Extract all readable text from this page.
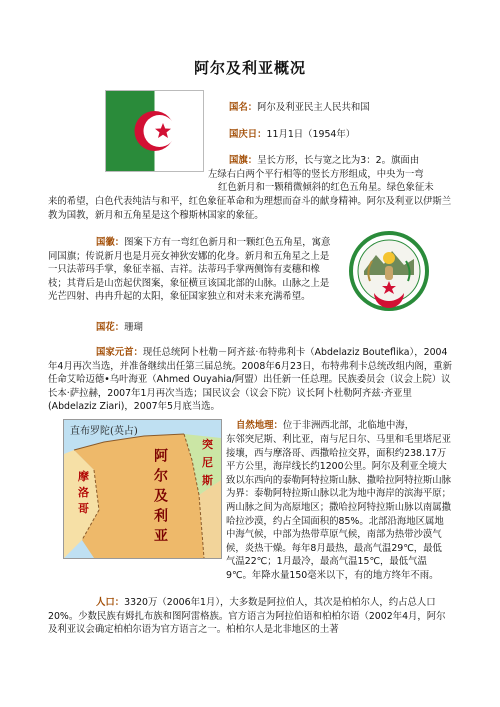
阿尔及利亚概况

国名：阿尔及利亚民主人民共和国

国庆日：11月1日（1954年）

国旗：呈长方形，长与宽之比为3：2。旗面由

左绿右白两个平行相等的竖长方形组成，中央为一弯

红色新月和一颗稍微倾斜的红色五角星。绿色象征未

来的希望，白色代表纯洁与和平，红色象征革命和为理想而奋斗的献身精神。阿尔及利亚以伊斯兰教为国教，新月和五角星是这个穆斯林国家的象征。

国徽：图案下方有一弯红色新月和一颗红色五角星，寓意同国旗；传说新月也是月亮女神狄安娜的化身。新月和五角星之上是一只法蒂玛手掌，象征幸福、吉祥。法蒂玛手掌两侧饰有麦穗和橡枝；其背后是山峦起伏图案，象征横亘该国北部的山脉。山脉之上是光芒四射、冉冉升起的太阳，象征国家独立和对未来充满希望。

国花：珊瑚

国家元首：现任总统阿卜杜勒－阿齐兹·布特弗利卡（Abdelaziz Bouteflika），2004年4月再次当选，并准备继续出任第三届总统。2008年6月23日，布特弗利卡总统改组内阁，重新任命艾哈迈德•乌叶海亚（Ahmed Ouyahia/阿盟）出任新一任总理。民族委员会（议会上院）议长本·萨拉赫，2007年1月再次当选；国民议会（议会下院）议长阿卜杜勒阿齐兹·齐亚里(Abdelaziz Ziari)，2007年5月底当选。

直布罗陀(英占)
突
尼
斯
摩
洛
哥	阿尔及利亚

自然地理：位于非洲西北部，北临地中海，

东邻突尼斯、利比亚，南与尼日尔、马里和毛里塔尼亚接壤，西与摩洛哥、西撒哈拉交界，面积约238.17万平方公里，海岸线长约1200公里。阿尔及利亚全境大致以东西向的泰勒阿特拉斯山脉、撒哈拉阿特拉斯山脉为界：泰勒阿特拉斯山脉以北为地中海岸的滨海平原；两山脉之间为高原地区；撒哈拉阿特拉斯山脉以南属撒哈拉沙漠，约占全国面积的85%。北部沿海地区属地中海气候，中部为热带草原气候，南部为热带沙漠气候，炎热干燥。每年8月最热，最高气温29℃，最低气温22℃；1月最冷，最高气温15℃，最低气温9℃。年降水量150毫米以下，有的地方终年不雨。

人口：3320万（2006年1月），大多数是阿拉伯人，其次是柏柏尔人，约占总人口20%。少数民族有姆扎布族和图阿雷格族。官方语言为阿拉伯语和柏柏尔语（2002年4月，阿尔及利亚议会确定柏柏尔语为官方语言之一。柏柏尔人是北非地区的土著
